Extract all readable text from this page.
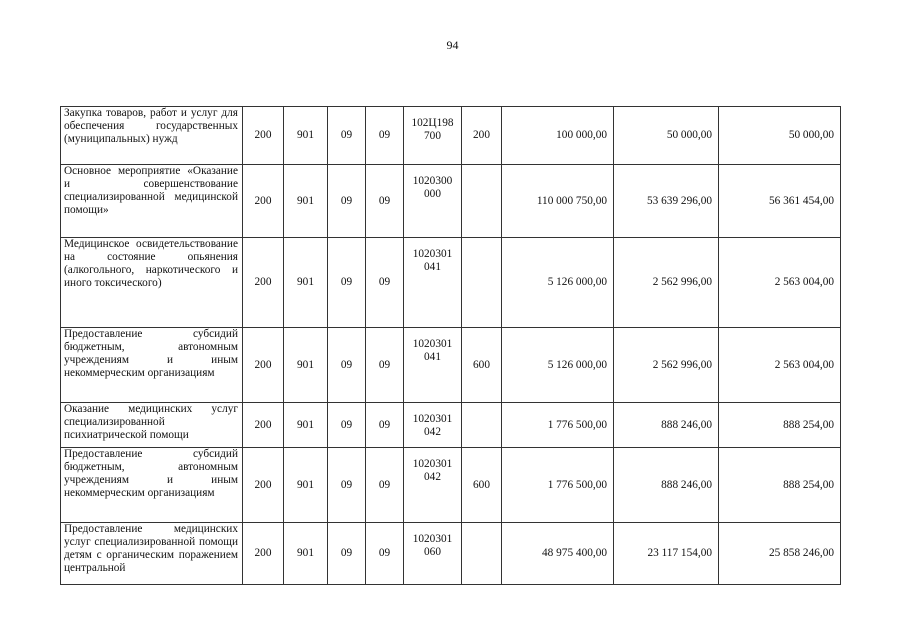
94
Закупка товаров, работ и услуг для обеспечения государственных (муниципальных) нужд	200	901	09	09	102Ц198 700	200	100 000,00	50 000,00	50 000,00
Основное мероприятие «Оказание и совершенствование специализированной медицинской помощи»	200	901	09	09	1020300 000		110 000 750,00	53 639 296,00	56 361 454,00
Медицинское освидетельствование на состояние опьянения (алкогольного, наркотического и иного токсического)	200	901	09	09	1020301 041		5 126 000,00	2 562 996,00	2 563 004,00
Предоставление субсидий бюджетным, автономным учреждениям и иным некоммерческим организациям	200	901	09	09	1020301 041	600	5 126 000,00	2 562 996,00	2 563 004,00
Оказание медицинских услуг специализированной психиатрической помощи	200	901	09	09	1020301 042		1 776 500,00	888 246,00	888 254,00
Предоставление субсидий бюджетным, автономным учреждениям и иным некоммерческим организациям	200	901	09	09	1020301 042	600	1 776 500,00	888 246,00	888 254,00
Предоставление медицинских услуг специализированной помощи детям с органическим поражением центральной	200	901	09	09	1020301 060		48 975 400,00	23 117 154,00	25 858 246,00
